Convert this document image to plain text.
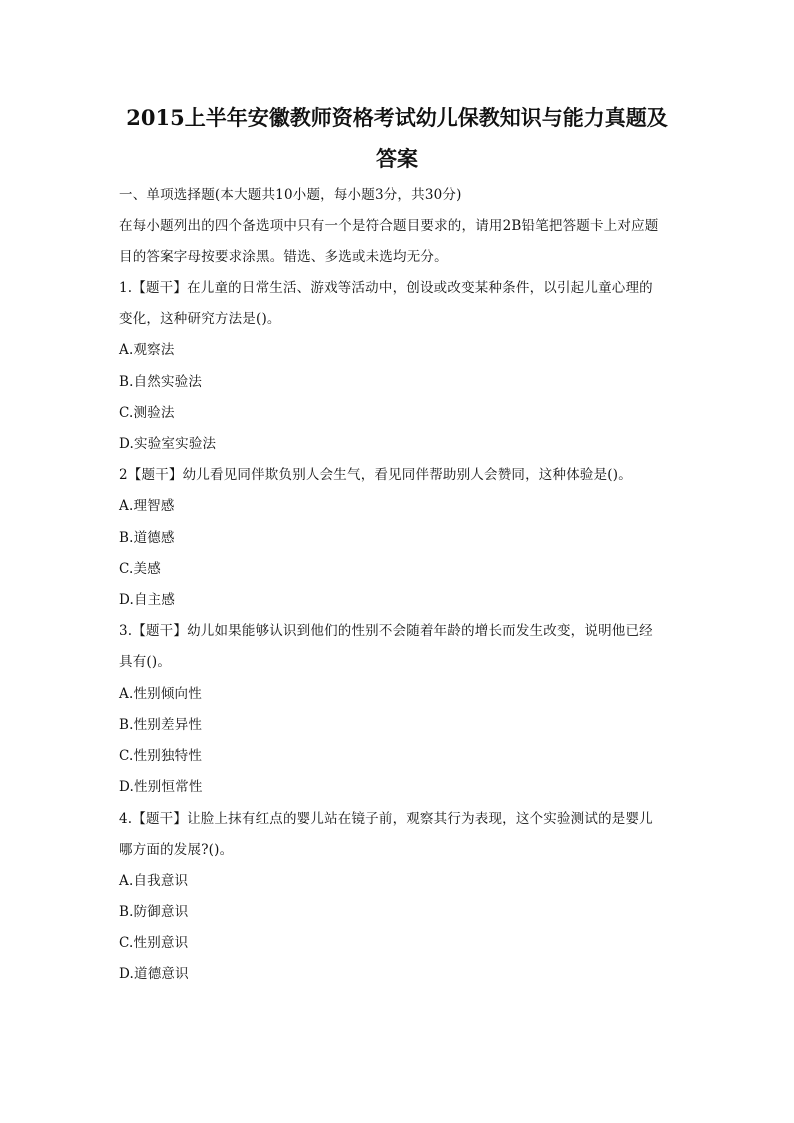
2015上半年安徽教师资格考试幼儿保教知识与能力真题及
答案
一、单项选择题(本大题共10小题，每小题3分，共30分)
在每小题列出的四个备选项中只有一个是符合题目要求的，请用2B铅笔把答题卡上对应题
目的答案字母按要求涂黑。错选、多选或未选均无分。
1.【题干】在儿童的日常生活、游戏等活动中，创设或改变某种条件，以引起儿童心理的
变化，这种研究方法是()。
A.观察法
B.自然实验法
C.测验法
D.实验室实验法
2【题干】幼儿看见同伴欺负别人会生气，看见同伴帮助别人会赞同，这种体验是()。
A.理智感
B.道德感
C.美感
D.自主感
3.【题干】幼儿如果能够认识到他们的性别不会随着年龄的增长而发生改变，说明他已经
具有()。
A.性别倾向性
B.性别差异性
C.性别独特性
D.性别恒常性
4.【题干】让脸上抹有红点的婴儿站在镜子前，观察其行为表现，这个实验测试的是婴儿
哪方面的发展?()。
A.自我意识
B.防御意识
C.性别意识
D.道德意识
